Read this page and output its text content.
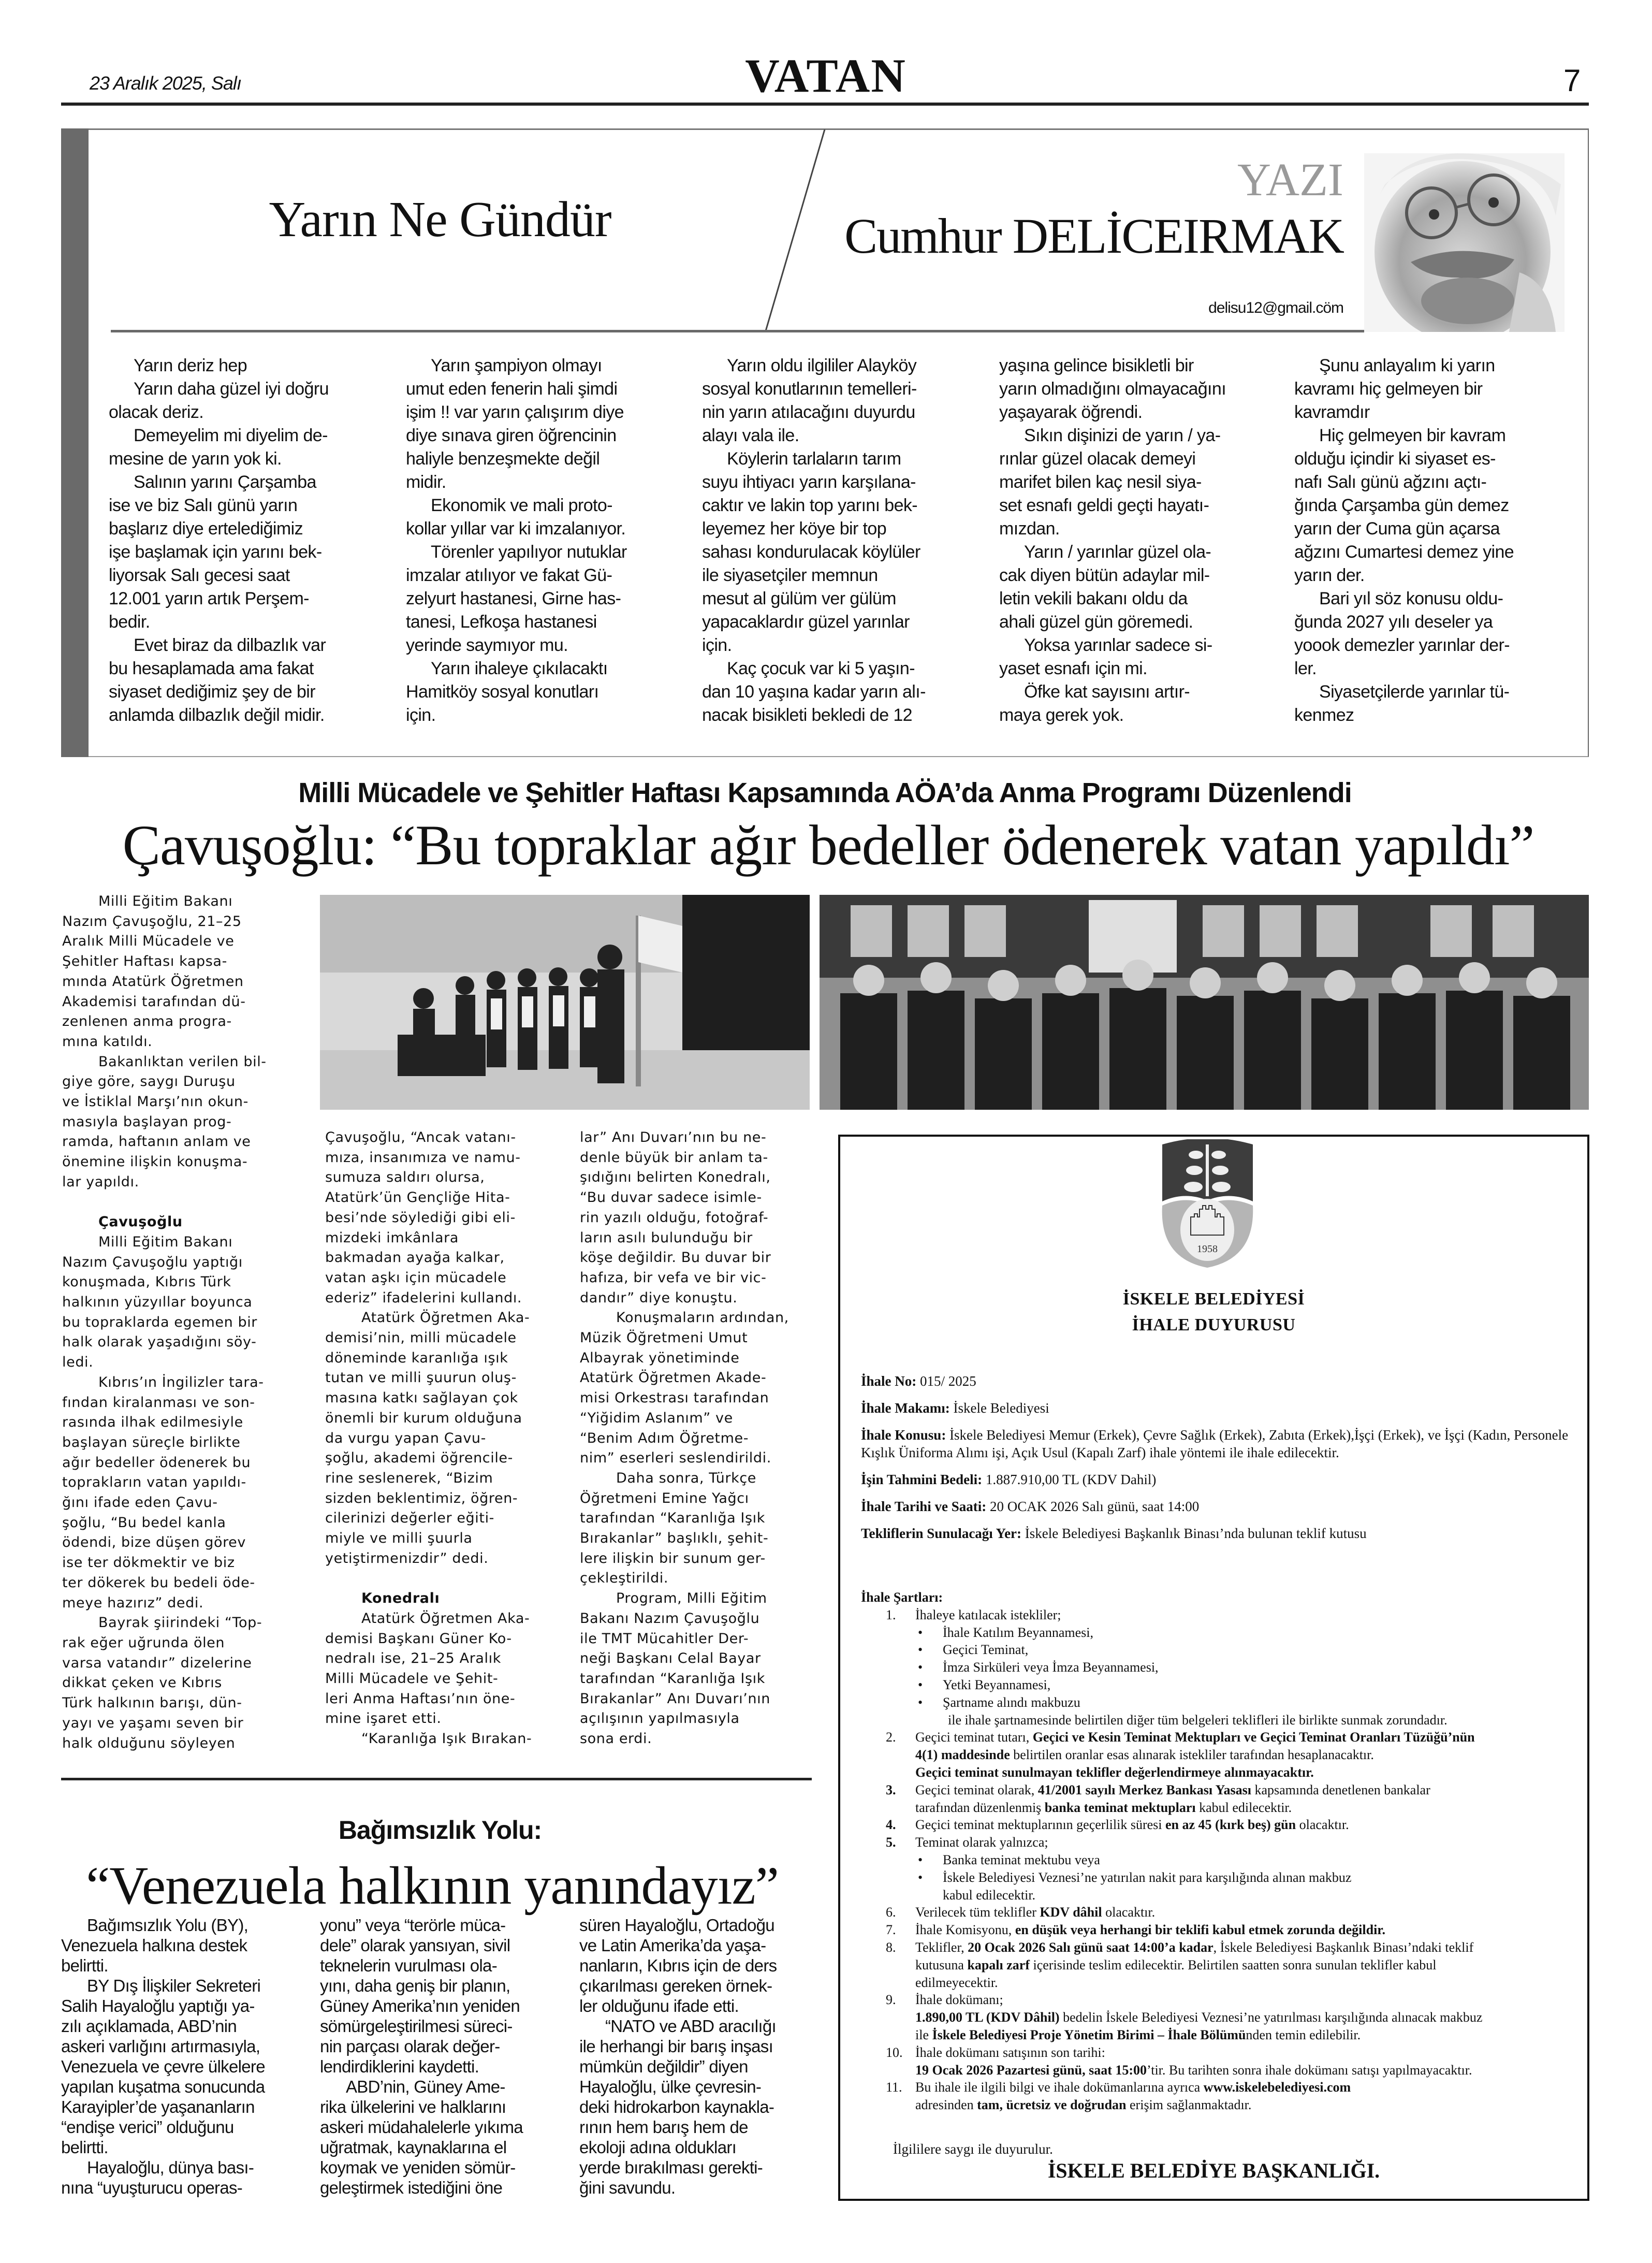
23 Aralık 2025, Salı	VATAN	7
Yarın Ne Gündür
YAZI
Cumhur DELİCEIRMAK
delisu12@gmail.cöm
Yarın deriz hep
Yarın daha güzel iyi doğru
olacak deriz.
Demeyelim mi diyelim de-
mesine de yarın yok ki.
Salının yarını Çarşamba
ise ve biz Salı günü yarın
başlarız diye ertelediğimiz
işe başlamak için yarını bek-
liyorsak Salı gecesi saat
12.001 yarın artık Perşem-
bedir.
Evet biraz da dilbazlık var
bu hesaplamada ama fakat
siyaset dediğimiz şey de bir
anlamda dilbazlık değil midir.
Yarın şampiyon olmayı
umut eden fenerin hali şimdi
işim !! var yarın çalışırım diye
diye sınava giren öğrencinin
haliyle benzeşmekte değil
midir.
Ekonomik ve mali proto-
kollar yıllar var ki imzalanıyor.
Törenler yapılıyor nutuklar
imzalar atılıyor ve fakat Gü-
zelyurt hastanesi, Girne has-
tanesi, Lefkoşa hastanesi
yerinde saymıyor mu.
Yarın ihaleye çıkılacaktı
Hamitköy sosyal konutları
için.
Yarın oldu ilgililer Alayköy
sosyal konutlarının temelleri-
nin yarın atılacağını duyurdu
alayı vala ile.
Köylerin tarlaların tarım
suyu ihtiyacı yarın karşılana-
caktır ve lakin top yarını bek-
leyemez her köye bir top
sahası kondurulacak köylüler
ile siyasetçiler memnun
mesut al gülüm ver gülüm
yapacaklardır güzel yarınlar
için.
Kaç çocuk var ki 5 yaşın-
dan 10 yaşına kadar yarın alı-
nacak bisikleti bekledi de 12
yaşına gelince bisikletli bir
yarın olmadığını olmayacağını
yaşayarak öğrendi.
Sıkın dişinizi de yarın / ya-
rınlar güzel olacak demeyi
marifet bilen kaç nesil siya-
set esnafı geldi geçti hayatı-
mızdan.
Yarın / yarınlar güzel ola-
cak diyen bütün adaylar mil-
letin vekili bakanı oldu da
ahali güzel gün göremedi.
Yoksa yarınlar sadece si-
yaset esnafı için mi.
Öfke kat sayısını artır-
maya gerek yok.
Şunu anlayalım ki yarın
kavramı hiç gelmeyen bir
kavramdır
Hiç gelmeyen bir kavram
olduğu içindir ki siyaset es-
nafı Salı günü ağzını açtı-
ğında Çarşamba gün demez
yarın der Cuma gün açarsa
ağzını Cumartesi demez yine
yarın der.
Bari yıl söz konusu oldu-
ğunda 2027 yılı deseler ya
yoook demezler yarınlar der-
ler.
Siyasetçilerde yarınlar tü-
kenmez
Milli Mücadele ve Şehitler Haftası Kapsamında AÖA’da Anma Programı Düzenlendi
Çavuşoğlu: “Bu topraklar ağır bedeller ödenerek vatan yapıldı”
Milli Eğitim Bakanı
Nazım Çavuşoğlu, 21–25
Aralık Milli Mücadele ve
Şehitler Haftası kapsa-
mında Atatürk Öğretmen
Akademisi tarafından dü-
zenlenen anma progra-
mına katıldı.
Bakanlıktan verilen bil-
giye göre, saygı Duruşu
ve İstiklal Marşı’nın okun-
masıyla başlayan prog-
ramda, haftanın anlam ve
önemine ilişkin konuşma-
lar yapıldı.
Çavuşoğlu
Milli Eğitim Bakanı
Nazım Çavuşoğlu yaptığı
konuşmada, Kıbrıs Türk
halkının yüzyıllar boyunca
bu topraklarda egemen bir
halk olarak yaşadığını söy-
ledi.
Kıbrıs’ın İngilizler tara-
fından kiralanması ve son-
rasında ilhak edilmesiyle
başlayan süreçle birlikte
ağır bedeller ödenerek bu
toprakların vatan yapıldı-
ğını ifade eden Çavu-
şoğlu, “Bu bedel kanla
ödendi, bize düşen görev
ise ter dökmektir ve biz
ter dökerek bu bedeli öde-
meye hazırız” dedi.
Bayrak şiirindeki “Top-
rak eğer uğrunda ölen
varsa vatandır” dizelerine
dikkat çeken ve Kıbrıs
Türk halkının barışı, dün-
yayı ve yaşamı seven bir
halk olduğunu söyleyen
Çavuşoğlu, “Ancak vatanı-
mıza, insanımıza ve namu-
sumuza saldırı olursa,
Atatürk’ün Gençliğe Hita-
besi’nde söylediği gibi eli-
mizdeki imkânlara
bakmadan ayağa kalkar,
vatan aşkı için mücadele
ederiz” ifadelerini kullandı.
Atatürk Öğretmen Aka-
demisi’nin, milli mücadele
döneminde karanlığa ışık
tutan ve milli şuurun oluş-
masına katkı sağlayan çok
önemli bir kurum olduğuna
da vurgu yapan Çavu-
şoğlu, akademi öğrencile-
rine seslenerek, “Bizim
sizden beklentimiz, öğren-
cilerinizi değerler eğiti-
miyle ve milli şuurla
yetiştirmenizdir” dedi.
Konedralı
Atatürk Öğretmen Aka-
demisi Başkanı Güner Ko-
nedralı ise, 21–25 Aralık
Milli Mücadele ve Şehit-
leri Anma Haftası’nın öne-
mine işaret etti.
“Karanlığa Işık Bırakan-
lar” Anı Duvarı’nın bu ne-
denle büyük bir anlam ta-
şıdığını belirten Konedralı,
“Bu duvar sadece isimle-
rin yazılı olduğu, fotoğraf-
ların asılı bulunduğu bir
köşe değildir. Bu duvar bir
hafıza, bir vefa ve bir vic-
dandır” diye konuştu.
Konuşmaların ardından,
Müzik Öğretmeni Umut
Albayrak yönetiminde
Atatürk Öğretmen Akade-
misi Orkestrası tarafından
“Yiğidim Aslanım” ve
“Benim Adım Öğretme-
nim” eserleri seslendirildi.
Daha sonra, Türkçe
Öğretmeni Emine Yağcı
tarafından “Karanlığa Işık
Bırakanlar” başlıklı, şehit-
lere ilişkin bir sunum ger-
çekleştirildi.
Program, Milli Eğitim
Bakanı Nazım Çavuşoğlu
ile TMT Mücahitler Der-
neği Başkanı Celal Bayar
tarafından “Karanlığa Işık
Bırakanlar” Anı Duvarı’nın
açılışının yapılmasıyla
sona erdi.
1958
İSKELE BELEDİYESİ
İHALE DUYURUSU
İhale No: 015/ 2025
İhale Makamı: İskele Belediyesi
İhale Konusu: İskele Belediyesi Memur (Erkek), Çevre Sağlık (Erkek), Zabıta (Erkek),İşçi (Erkek), ve İşçi (Kadın, Personele Kışlık Üniforma Alımı işi, Açık Usul (Kapalı Zarf) ihale yöntemi ile ihale edilecektir.
İşin Tahmini Bedeli: 1.887.910,00 TL (KDV Dahil)
İhale Tarihi ve Saati: 20 OCAK 2026 Salı günü, saat 14:00
Tekliflerin Sunulacağı Yer: İskele Belediyesi Başkanlık Binası’nda bulunan teklif kutusu
İhale Şartları:
1. İhaleye katılacak istekliler;
• İhale Katılım Beyannamesi,
• Geçici Teminat,
• İmza Sirküleri veya İmza Beyannamesi,
• Yetki Beyannamesi,
• Şartname alındı makbuzu
ile ihale şartnamesinde belirtilen diğer tüm belgeleri teklifleri ile birlikte sunmak zorundadır.
2. Geçici teminat tutarı, Geçici ve Kesin Teminat Mektupları ve Geçici Teminat Oranları Tüzüğü’nün
4(1) maddesinde belirtilen oranlar esas alınarak istekliler tarafından hesaplanacaktır.
Geçici teminat sunulmayan teklifler değerlendirmeye alınmayacaktır.
3. Geçici teminat olarak, 41/2001 sayılı Merkez Bankası Yasası kapsamında denetlenen bankalar
tarafından düzenlenmiş banka teminat mektupları kabul edilecektir.
4. Geçici teminat mektuplarının geçerlilik süresi en az 45 (kırk beş) gün olacaktır.
5. Teminat olarak yalnızca;
• Banka teminat mektubu veya
• İskele Belediyesi Veznesi’ne yatırılan nakit para karşılığında alınan makbuz
kabul edilecektir.
6. Verilecek tüm teklifler KDV dâhil olacaktır.
7. İhale Komisyonu, en düşük veya herhangi bir teklifi kabul etmek zorunda değildir.
8. Teklifler, 20 Ocak 2026 Salı günü saat 14:00’a kadar, İskele Belediyesi Başkanlık Binası’ndaki teklif
kutusuna kapalı zarf içerisinde teslim edilecektir. Belirtilen saatten sonra sunulan teklifler kabul
edilmeyecektir.
9. İhale dokümanı;
1.890,00 TL (KDV Dâhil) bedelin İskele Belediyesi Veznesi’ne yatırılması karşılığında alınacak makbuz
ile İskele Belediyesi Proje Yönetim Birimi – İhale Bölümünden temin edilebilir.
10. İhale dokümanı satışının son tarihi:
19 Ocak 2026 Pazartesi günü, saat 15:00’tir. Bu tarihten sonra ihale dokümanı satışı yapılmayacaktır.
11. Bu ihale ile ilgili bilgi ve ihale dokümanlarına ayrıca www.iskelebelediyesi.com
adresinden tam, ücretsiz ve doğrudan erişim sağlanmaktadır.
İlgililere saygı ile duyurulur.
İSKELE BELEDİYE BAŞKANLIĞI.
Bağımsızlık Yolu:
“Venezuela halkının yanındayız”
Bağımsızlık Yolu (BY),
Venezuela halkına destek
belirtti.
BY Dış İlişkiler Sekreteri
Salih Hayaloğlu yaptığı ya-
zılı açıklamada, ABD’nin
askeri varlığını artırmasıyla,
Venezuela ve çevre ülkelere
yapılan kuşatma sonucunda
Karayipler’de yaşananların
“endişe verici” olduğunu
belirtti.
Hayaloğlu, dünya bası-
nına “uyuşturucu operas-
yonu” veya “terörle müca-
dele” olarak yansıyan, sivil
teknelerin vurulması ola-
yını, daha geniş bir planın,
Güney Amerika’nın yeniden
sömürgeleştirilmesi süreci-
nin parçası olarak değer-
lendirdiklerini kaydetti.
ABD’nin, Güney Ame-
rika ülkelerini ve halklarını
askeri müdahalelerle yıkıma
uğratmak, kaynaklarına el
koymak ve yeniden sömür-
geleştirmek istediğini öne
süren Hayaloğlu, Ortadoğu
ve Latin Amerika’da yaşa-
nanların, Kıbrıs için de ders
çıkarılması gereken örnek-
ler olduğunu ifade etti.
“NATO ve ABD aracılığı
ile herhangi bir barış inşası
mümkün değildir” diyen
Hayaloğlu, ülke çevresin-
deki hidrokarbon kaynakla-
rının hem barış hem de
ekoloji adına oldukları
yerde bırakılması gerekti-
ğini savundu.
